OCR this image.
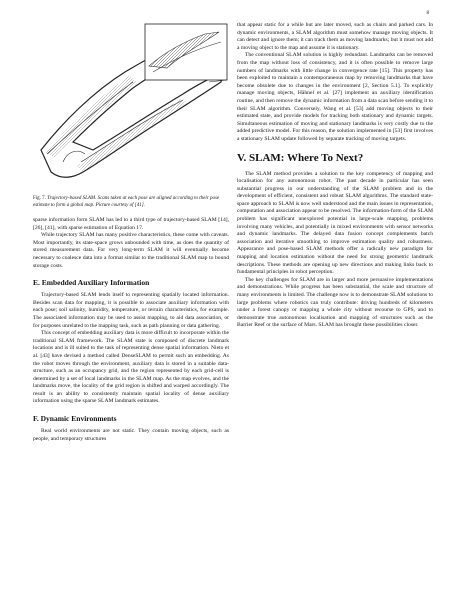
8
Fig. 7. Trajectory-based SLAM. Scans taken at each pose are aligned according to their pose estimate to form a global map. Picture courtesy of [41].

sparse information form SLAM has led to a third type of trajectory-based SLAM [14], [26], [41], with sparse estimation of Equation 17.

While trajectory SLAM has many positive characteristics, these come with caveats. Most importantly, its state-space grows unbounded with time, as does the quantity of stored measurement data. For very long-term SLAM it will eventually become necessary to coalesce data into a format similar to the traditional SLAM map to bound storage costs.

E. Embedded Auxiliary Information

Trajectory-based SLAM lends itself to representing spatially located information. Besides scan data for mapping, it is possible to associate auxiliary information with each pose; soil salinity, humidity, temperature, or terrain characteristics, for example. The associated information may be used to assist mapping, to aid data association, or for purposes unrelated to the mapping task, such as path planning or data gathering.

This concept of embedding auxiliary data is more difficult to incorporate within the traditional SLAM framework. The SLAM state is composed of discrete landmark locations and is ill suited to the task of representing dense spatial information. Nieto et al. [43] have devised a method called DenseSLAM to permit such an embedding. As the robot moves through the environment, auxiliary data is stored in a suitable data-structure, such as an occupancy grid, and the region represented by each grid-cell is determined by a set of local landmarks in the SLAM map. As the map evolves, and the landmarks move, the locality of the grid region is shifted and warped accordingly. The result is an ability to consistently maintain spatial locality of dense auxiliary information using the sparse SLAM landmark estimates.

F. Dynamic Environments

Real world environments are not static. They contain moving objects, such as people, and temporary structures

that appear static for a while but are later moved, such as chairs and parked cars. In dynamic environments, a SLAM algorithm must somehow manage moving objects. It can detect and ignore them; it can track them as moving landmarks; but it must not add a moving object to the map and assume it is stationary.

The conventional SLAM solution is highly redundant. Landmarks can be removed from the map without loss of consistency, and it is often possible to remove large numbers of landmarks with little change in convergence rate [15]. This property has been exploited to maintain a contemporaneous map by removing landmarks that have become obsolete due to changes in the environment [2, Section 5.1]. To explicitly manage moving objects, Hähnel et al. [27] implement an auxiliary identification routine, and then remove the dynamic information from a data scan before sending it to their SLAM algorithm. Conversely, Wang et al. [53] add moving objects to their estimated state, and provide models for tracking both stationary and dynamic targets. Simultaneous estimation of moving and stationary landmarks is very costly due to the added predictive model. For this reason, the solution implemented in [53] first involves a stationary SLAM update followed by separate tracking of moving targets.

V. SLAM: Where To Next?

The SLAM method provides a solution to the key competency of mapping and localisation for any autonomous robot. The past decade in particular has seen substantial progress in our understanding of the SLAM problem and in the development of efficient, consistent and robust SLAM algorithms. The standard state-space approach to SLAM is now well understood and the main issues in representation, computation and association appear to be resolved. The information-form of the SLAM problem has significant unexplored potential in large-scale mapping, problems involving many vehicles, and potentially in mixed environments with sensor networks and dynamic landmarks. The delayed data fusion concept complements batch association and iterative smoothing to improve estimation quality and robustness. Appearance and pose-based SLAM methods offer a radically new paradigm for mapping and location estimation without the need for strong geometric landmark descriptions. These methods are opening up new directions and making links back to fundamental principles in robot perception.

The key challenges for SLAM are in larger and more persuasive implementations and demonstrations. While progress has been substantial, the scale and structure of many environments is limited. The challenge now is to demonstrate SLAM solutions to large problems where robotics can truly contribute: driving hundreds of kilometers under a forest canopy or mapping a whole city without recourse to GPS, and to demonstrate true autonomous localisation and mapping of structures such as the Barrier Reef or the surface of Mars. SLAM has brought these possibilities closer.
